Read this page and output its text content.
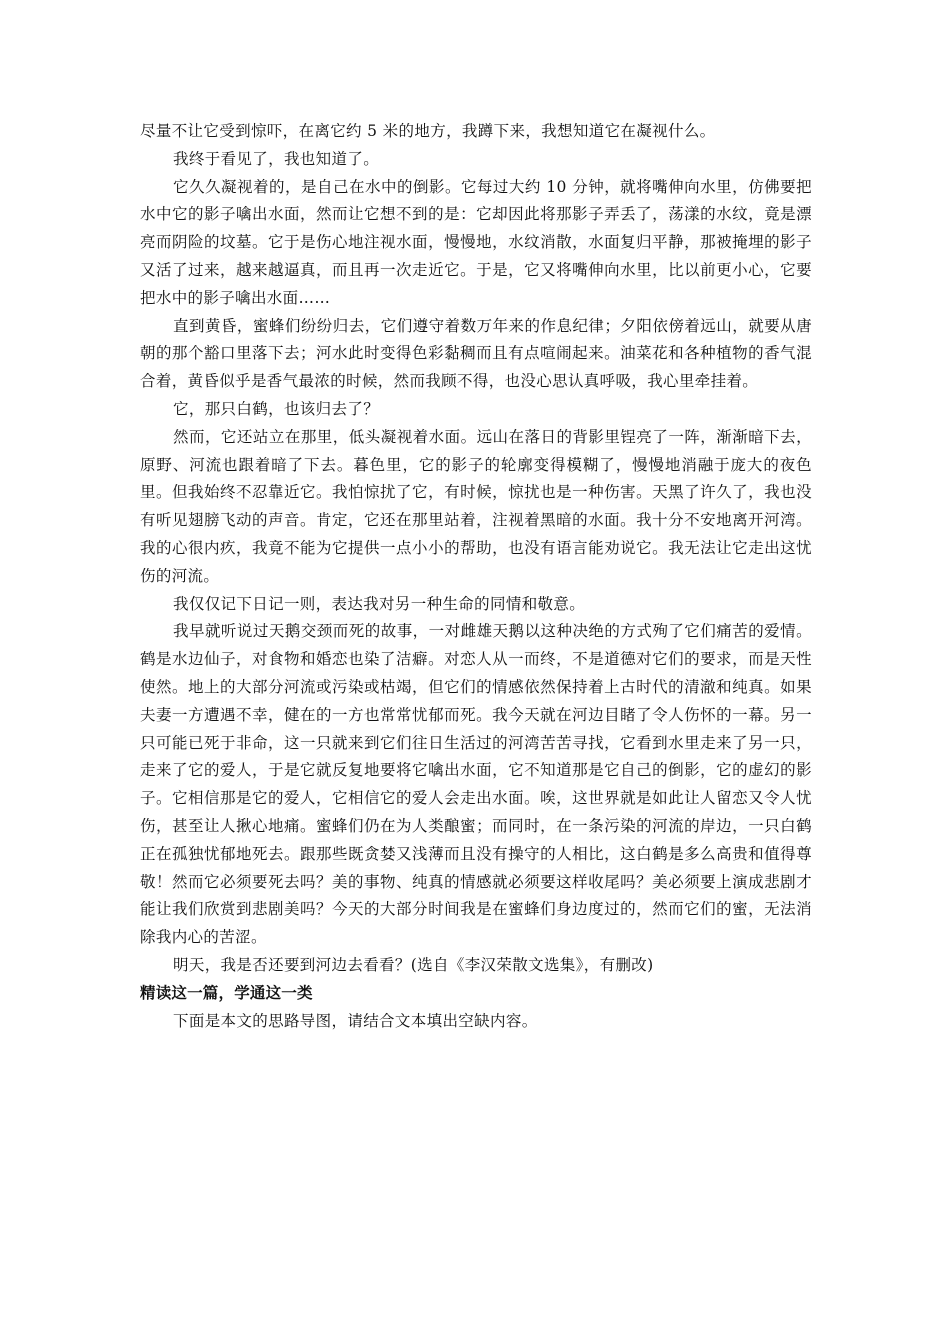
尽量不让它受到惊吓，在离它约 5 米的地方，我蹲下来，我想知道它在凝视什么。

我终于看见了，我也知道了。

它久久凝视着的，是自己在水中的倒影。它每过大约 10 分钟，就将嘴伸向水里，仿佛要把水中它的影子噙出水面，然而让它想不到的是：它却因此将那影子弄丢了，荡漾的水纹，竟是漂亮而阴险的坟墓。它于是伤心地注视水面，慢慢地，水纹消散，水面复归平静，那被掩埋的影子又活了过来，越来越逼真，而且再一次走近它。于是，它又将嘴伸向水里，比以前更小心，它要把水中的影子噙出水面……

直到黄昏，蜜蜂们纷纷归去，它们遵守着数万年来的作息纪律；夕阳依傍着远山，就要从唐朝的那个豁口里落下去；河水此时变得色彩黏稠而且有点喧闹起来。油菜花和各种植物的香气混合着，黄昏似乎是香气最浓的时候，然而我顾不得，也没心思认真呼吸，我心里牵挂着。

它，那只白鹤，也该归去了？

然而，它还站立在那里，低头凝视着水面。远山在落日的背影里锃亮了一阵，渐渐暗下去，原野、河流也跟着暗了下去。暮色里，它的影子的轮廓变得模糊了，慢慢地消融于庞大的夜色里。但我始终不忍靠近它。我怕惊扰了它，有时候，惊扰也是一种伤害。天黑了许久了，我也没有听见翅膀飞动的声音。肯定，它还在那里站着，注视着黑暗的水面。我十分不安地离开河湾。我的心很内疚，我竟不能为它提供一点小小的帮助，也没有语言能劝说它。我无法让它走出这忧伤的河流。

我仅仅记下日记一则，表达我对另一种生命的同情和敬意。

我早就听说过天鹅交颈而死的故事，一对雌雄天鹅以这种决绝的方式殉了它们痛苦的爱情。鹤是水边仙子，对食物和婚恋也染了洁癖。对恋人从一而终，不是道德对它们的要求，而是天性使然。地上的大部分河流或污染或枯竭，但它们的情感依然保持着上古时代的清澈和纯真。如果夫妻一方遭遇不幸，健在的一方也常常忧郁而死。我今天就在河边目睹了令人伤怀的一幕。另一只可能已死于非命，这一只就来到它们往日生活过的河湾苦苦寻找，它看到水里走来了另一只，走来了它的爱人，于是它就反复地要将它噙出水面，它不知道那是它自己的倒影，它的虚幻的影子。它相信那是它的爱人，它相信它的爱人会走出水面。唉，这世界就是如此让人留恋又令人忧伤，甚至让人揪心地痛。蜜蜂们仍在为人类酿蜜；而同时，在一条污染的河流的岸边，一只白鹤正在孤独忧郁地死去。跟那些既贪婪又浅薄而且没有操守的人相比，这白鹤是多么高贵和值得尊敬！然而它必须要死去吗？美的事物、纯真的情感就必须要这样收尾吗？美必须要上演成悲剧才能让我们欣赏到悲剧美吗？今天的大部分时间我是在蜜蜂们身边度过的，然而它们的蜜，无法消除我内心的苦涩。

明天，我是否还要到河边去看看？(选自《李汉荣散文选集》，有删改)

精读这一篇，学通这一类

下面是本文的思路导图，请结合文本填出空缺内容。
